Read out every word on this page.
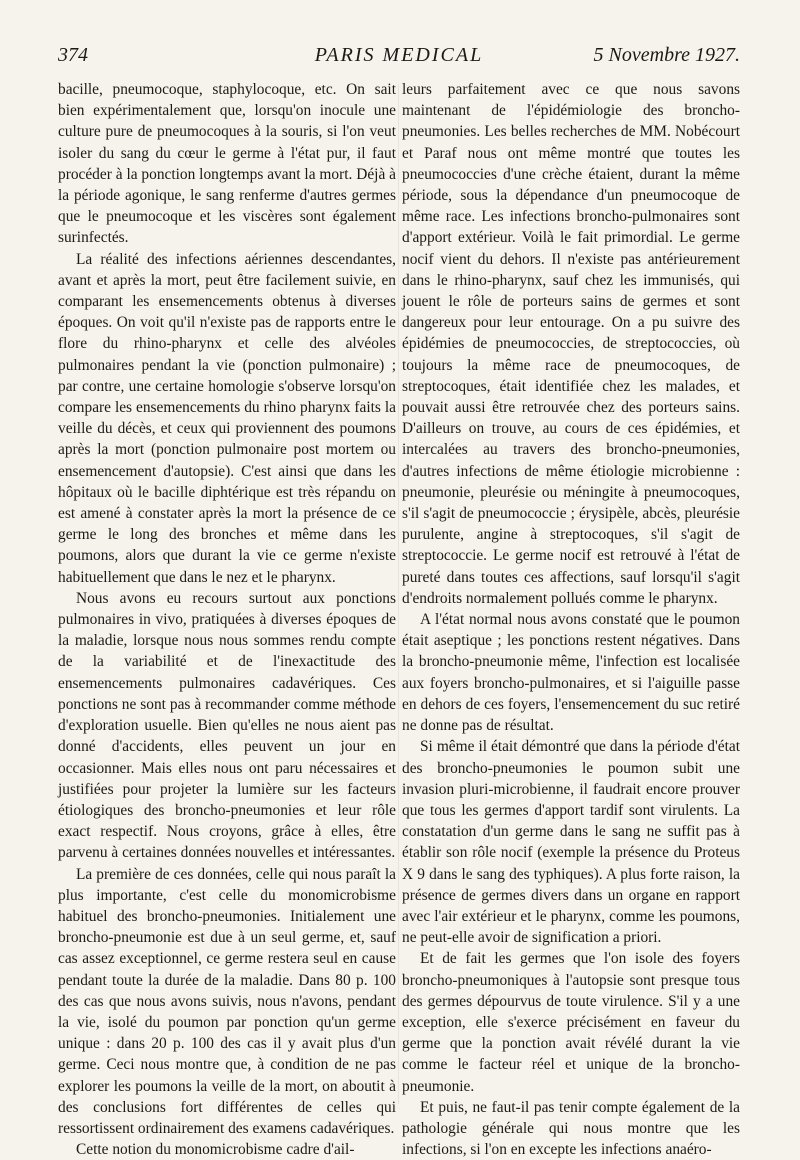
374	PARIS MEDICAL	5 Novembre 1927.

bacille, pneumocoque, staphylocoque, etc. On sait bien expérimentalement que, lorsqu'on inocule une culture pure de pneumocoques à la souris, si l'on veut isoler du sang du cœur le germe à l'état pur, il faut procéder à la ponction longtemps avant la mort. Déjà à la période agonique, le sang renferme d'autres germes que le pneumocoque et les viscères sont également surinfectés.

La réalité des infections aériennes descendantes, avant et après la mort, peut être facilement suivie, en comparant les ensemencements obtenus à diverses époques. On voit qu'il n'existe pas de rapports entre le flore du rhino-pharynx et celle des alvéoles pulmonaires pendant la vie (ponction pulmonaire) ; par contre, une certaine homologie s'observe lorsqu'on compare les ensemencements du rhino pharynx faits la veille du décès, et ceux qui proviennent des poumons après la mort (ponction pulmonaire post mortem ou ensemencement d'autopsie). C'est ainsi que dans les hôpitaux où le bacille diphtérique est très répandu on est amené à constater après la mort la présence de ce germe le long des bronches et même dans les poumons, alors que durant la vie ce germe n'existe habituellement que dans le nez et le pharynx.

Nous avons eu recours surtout aux ponctions pulmonaires in vivo, pratiquées à diverses époques de la maladie, lorsque nous nous sommes rendu compte de la variabilité et de l'inexactitude des ensemencements pulmonaires cadavériques. Ces ponctions ne sont pas à recommander comme méthode d'exploration usuelle. Bien qu'elles ne nous aient pas donné d'accidents, elles peuvent un jour en occasionner. Mais elles nous ont paru nécessaires et justifiées pour projeter la lumière sur les facteurs étiologiques des broncho-pneumonies et leur rôle exact respectif. Nous croyons, grâce à elles, être parvenu à certaines données nouvelles et intéressantes.

La première de ces données, celle qui nous paraît la plus importante, c'est celle du monomicrobisme habituel des broncho-pneumonies. Initialement une broncho-pneumonie est due à un seul germe, et, sauf cas assez exceptionnel, ce germe restera seul en cause pendant toute la durée de la maladie. Dans 80 p. 100 des cas que nous avons suivis, nous n'avons, pendant la vie, isolé du poumon par ponction qu'un germe unique : dans 20 p. 100 des cas il y avait plus d'un germe. Ceci nous montre que, à condition de ne pas explorer les poumons la veille de la mort, on aboutit à des conclusions fort différentes de celles qui ressortissent ordinairement des examens cadavériques.

Cette notion du monomicrobisme cadre d'ail-

leurs parfaitement avec ce que nous savons maintenant de l'épidémiologie des broncho-pneumonies. Les belles recherches de MM. Nobécourt et Paraf nous ont même montré que toutes les pneumococcies d'une crèche étaient, durant la même période, sous la dépendance d'un pneumocoque de même race. Les infections broncho-pulmonaires sont d'apport extérieur. Voilà le fait primordial. Le germe nocif vient du dehors. Il n'existe pas antérieurement dans le rhino-pharynx, sauf chez les immunisés, qui jouent le rôle de porteurs sains de germes et sont dangereux pour leur entourage. On a pu suivre des épidémies de pneumococcies, de streptococcies, où toujours la même race de pneumocoques, de streptocoques, était identifiée chez les malades, et pouvait aussi être retrouvée chez des porteurs sains. D'ailleurs on trouve, au cours de ces épidémies, et intercalées au travers des broncho-pneumonies, d'autres infections de même étiologie microbienne : pneumonie, pleurésie ou méningite à pneumocoques, s'il s'agit de pneumococcie ; érysipèle, abcès, pleurésie purulente, angine à streptocoques, s'il s'agit de streptococcie. Le germe nocif est retrouvé à l'état de pureté dans toutes ces affections, sauf lorsqu'il s'agit d'endroits normalement pollués comme le pharynx.

A l'état normal nous avons constaté que le poumon était aseptique ; les ponctions restent négatives. Dans la broncho-pneumonie même, l'infection est localisée aux foyers broncho-pulmonaires, et si l'aiguille passe en dehors de ces foyers, l'ensemencement du suc retiré ne donne pas de résultat.

Si même il était démontré que dans la période d'état des broncho-pneumonies le poumon subit une invasion pluri-microbienne, il faudrait encore prouver que tous les germes d'apport tardif sont virulents. La constatation d'un germe dans le sang ne suffit pas à établir son rôle nocif (exemple la présence du Proteus X 9 dans le sang des typhiques). A plus forte raison, la présence de germes divers dans un organe en rapport avec l'air extérieur et le pharynx, comme les poumons, ne peut-elle avoir de signification a priori.

Et de fait les germes que l'on isole des foyers broncho-pneumoniques à l'autopsie sont presque tous des germes dépourvus de toute virulence. S'il y a une exception, elle s'exerce précisément en faveur du germe que la ponction avait révélé durant la vie comme le facteur réel et unique de la broncho-pneumonie.

Et puis, ne faut-il pas tenir compte également de la pathologie générale qui nous montre que les infections, si l'on en excepte les infections anaéro-
